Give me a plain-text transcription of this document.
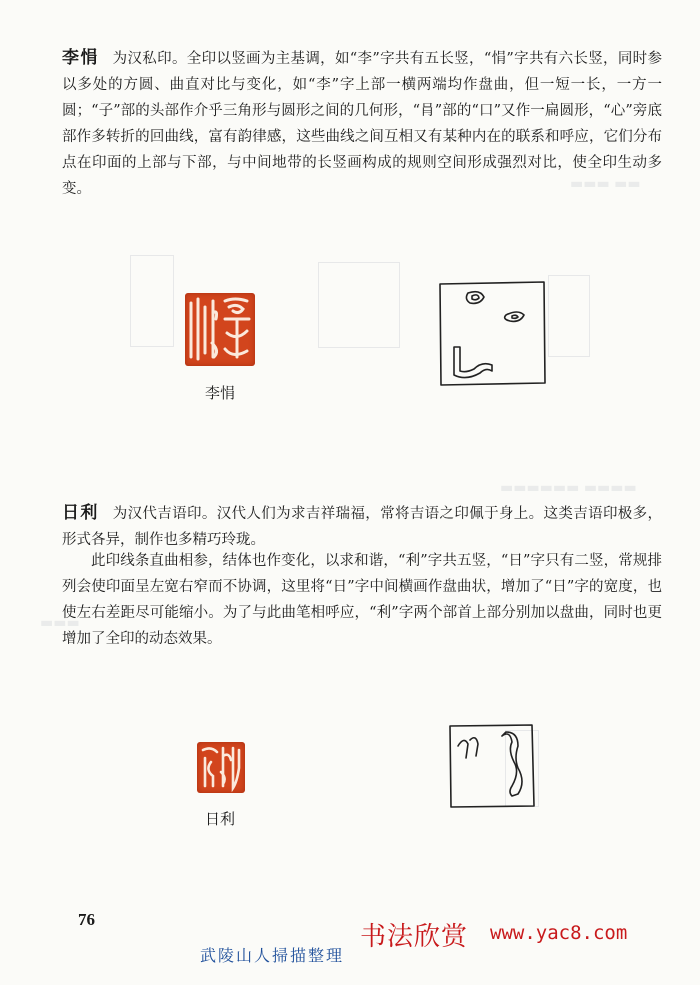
▬▬▬ ▬▬
▬▬▬▬▬▬ ▬▬▬▬
▬▬▬

李悁 为汉私印。全印以竖画为主基调，如“李”字共有五长竖，“悁”字共有六长竖，同时参以多处的方圆、曲直对比与变化，如“李”字上部一横两端均作盘曲，但一短一长，一方一圆；“子”部的头部作介乎三角形与圆形之间的几何形，“肙”部的“口”又作一扁圆形，“心”旁底部作多转折的回曲线，富有韵律感，这些曲线之间互相又有某种内在的联系和呼应，它们分布点在印面的上部与下部，与中间地带的长竖画构成的规则空间形成强烈对比，使全印生动多变。

李悁

日利 为汉代吉语印。汉代人们为求吉祥瑞福，常将吉语之印佩于身上。这类吉语印极多，形式各异，制作也多精巧玲珑。

此印线条直曲相参，结体也作变化，以求和谐，“利”字共五竖，“日”字只有二竖，常规排列会使印面呈左宽右窄而不协调，这里将“日”字中间横画作盘曲状，增加了“日”字的宽度，也使左右差距尽可能缩小。为了与此曲笔相呼应，“利”字两个部首上部分别加以盘曲，同时也更增加了全印的动态效果。

日利
76
书法欣赏 www.yac8.com
武陵山人掃描整理
